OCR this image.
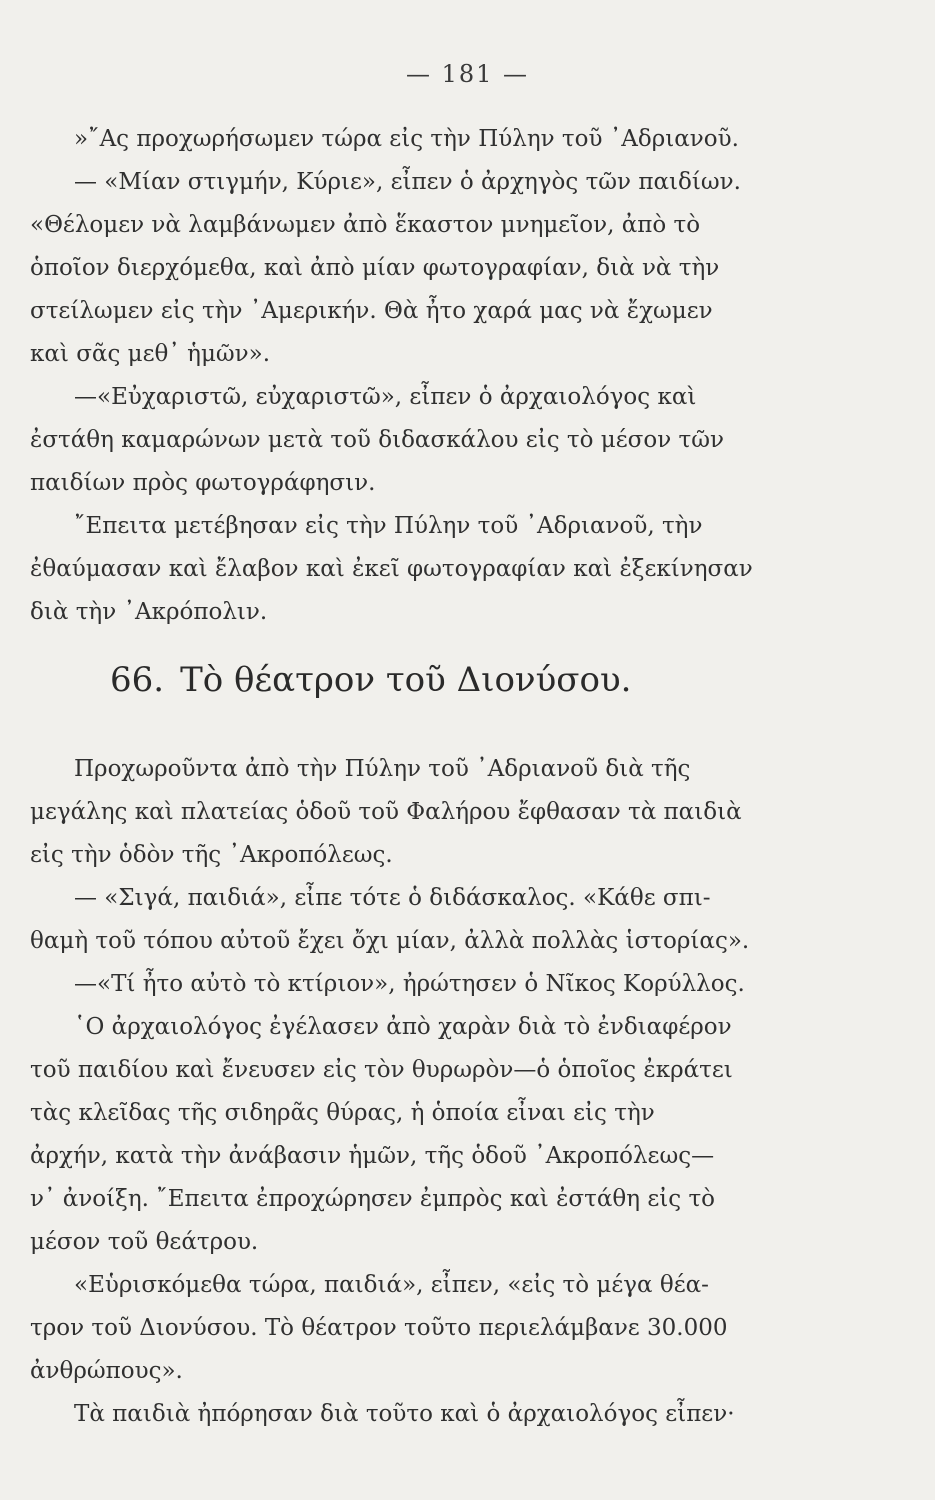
— 181 —
»῎Ας προχωρήσωμεν τώρα εἰς τὴν Πύλην τοῦ ᾿Αδριανοῦ.
— «Μίαν στιγμήν, Κύριε», εἶπεν ὁ ἀρχηγὸς τῶν παιδίων.
«Θέλομεν νὰ λαμβάνωμεν ἀπὸ ἕκαστον μνημεῖον, ἀπὸ τὸ
ὁποῖον διερχόμεθα, καὶ ἀπὸ μίαν φωτογραφίαν, διὰ νὰ τὴν
στείλωμεν εἰς τὴν ᾿Αμερικήν. Θὰ ἦτο χαρά μας νὰ ἔχωμεν
καὶ σᾶς μεθ᾿ ἡμῶν».
—«Εὐχαριστῶ, εὐχαριστῶ», εἶπεν ὁ ἀρχαιολόγος καὶ
ἐστάθη καμαρώνων μετὰ τοῦ διδασκάλου εἰς τὸ μέσον τῶν
παιδίων πρὸς φωτογράφησιν.
῎Επειτα μετέβησαν εἰς τὴν Πύλην τοῦ ᾿Αδριανοῦ, τὴν
ἐθαύμασαν καὶ ἔλαβον καὶ ἐκεῖ φωτογραφίαν καὶ ἐξεκίνησαν
διὰ τὴν ᾿Ακρόπολιν.
66. Τὸ θέατρον τοῦ Διονύσου.
Προχωροῦντα ἀπὸ τὴν Πύλην τοῦ ᾿Αδριανοῦ διὰ τῆς
μεγάλης καὶ πλατείας ὁδοῦ τοῦ Φαλήρου ἔφθασαν τὰ παιδιὰ
εἰς τὴν ὁδὸν τῆς ᾿Ακροπόλεως.
— «Σιγά, παιδιά», εἶπε τότε ὁ διδάσκαλος. «Κάθε σπι-
θαμὴ τοῦ τόπου αὐτοῦ ἔχει ὄχι μίαν, ἀλλὰ πολλὰς ἱστορίας».
—«Τί ἦτο αὐτὸ τὸ κτίριον», ἠρώτησεν ὁ Νῖκος Κορύλλος.
῾Ο ἀρχαιολόγος ἐγέλασεν ἀπὸ χαρὰν διὰ τὸ ἐνδιαφέρον
τοῦ παιδίου καὶ ἔνευσεν εἰς τὸν θυρωρὸν—ὁ ὁποῖος ἐκράτει
τὰς κλεῖδας τῆς σιδηρᾶς θύρας, ἡ ὁποία εἶναι εἰς τὴν
ἀρχήν, κατὰ τὴν ἀνάβασιν ἡμῶν, τῆς ὁδοῦ ᾿Ακροπόλεως—
ν᾿ ἀνοίξη. ῎Επειτα ἐπροχώρησεν ἐμπρὸς καὶ ἐστάθη εἰς τὸ
μέσον τοῦ θεάτρου.
«Εὑρισκόμεθα τώρα, παιδιά», εἶπεν, «εἰς τὸ μέγα θέα-
τρον τοῦ Διονύσου. Τὸ θέατρον τοῦτο περιελάμβανε 30.000
ἀνθρώπους».
Τὰ παιδιὰ ἠπόρησαν διὰ τοῦτο καὶ ὁ ἀρχαιολόγος εἶπεν·
